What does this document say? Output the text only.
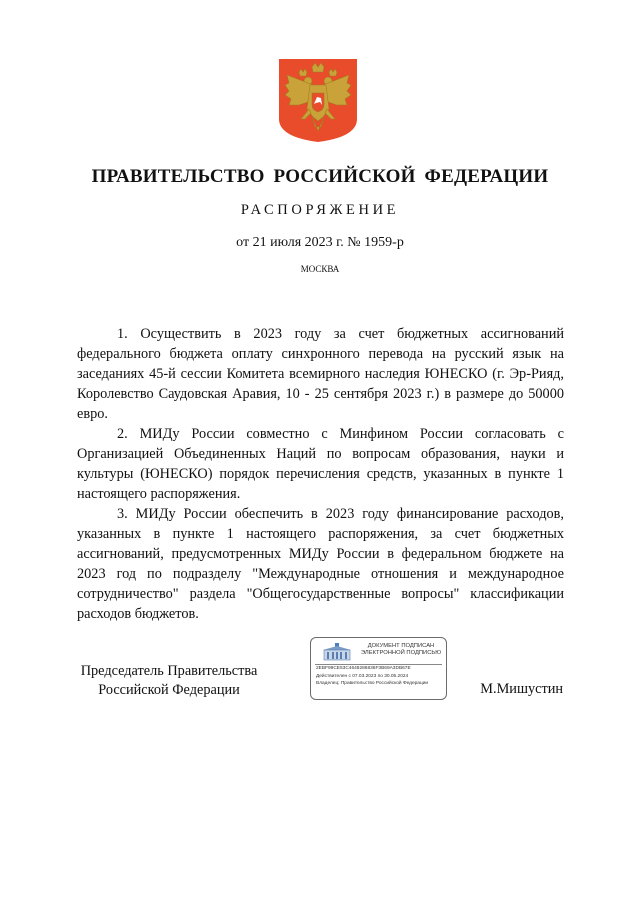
ПРАВИТЕЛЬСТВО РОССИЙСКОЙ ФЕДЕРАЦИИ
РАСПОРЯЖЕНИЕ
от 21 июля 2023 г. № 1959-р
МОСКВА

1. Осуществить в 2023 году за счет бюджетных ассигнований федерального бюджета оплату синхронного перевода на русский язык на заседаниях 45-й сессии Комитета всемирного наследия ЮНЕСКО (г. Эр-Рияд, Королевство Саудовская Аравия, 10 - 25 сентября 2023 г.) в размере до 50000 евро.

2. МИДу России совместно с Минфином России согласовать с Организацией Объединенных Наций по вопросам образования, науки и культуры (ЮНЕСКО) порядок перечисления средств, указанных в пункте 1 настоящего распоряжения.

3. МИДу России обеспечить в 2023 году финансирование расходов, указанных в пункте 1 настоящего распоряжения, за счет бюджетных ассигнований, предусмотренных МИДу России в федеральном бюджете на 2023 год по подразделу "Международные отношения и международное сотрудничество" раздела "Общегосударственные вопросы" классификации расходов бюджетов.

Председатель Правительства
Российской Федерации
ДОКУМЕНТ ПОДПИСАН ЭЛЕКТРОННОЙ ПОДПИСЬЮ
2EBF99CE53C4648286836F3B69A3DB67E
Действителен с 07.03.2023 по 30.05.2024
Владелец: Правительство Российской Федерации	М.Мишустин
